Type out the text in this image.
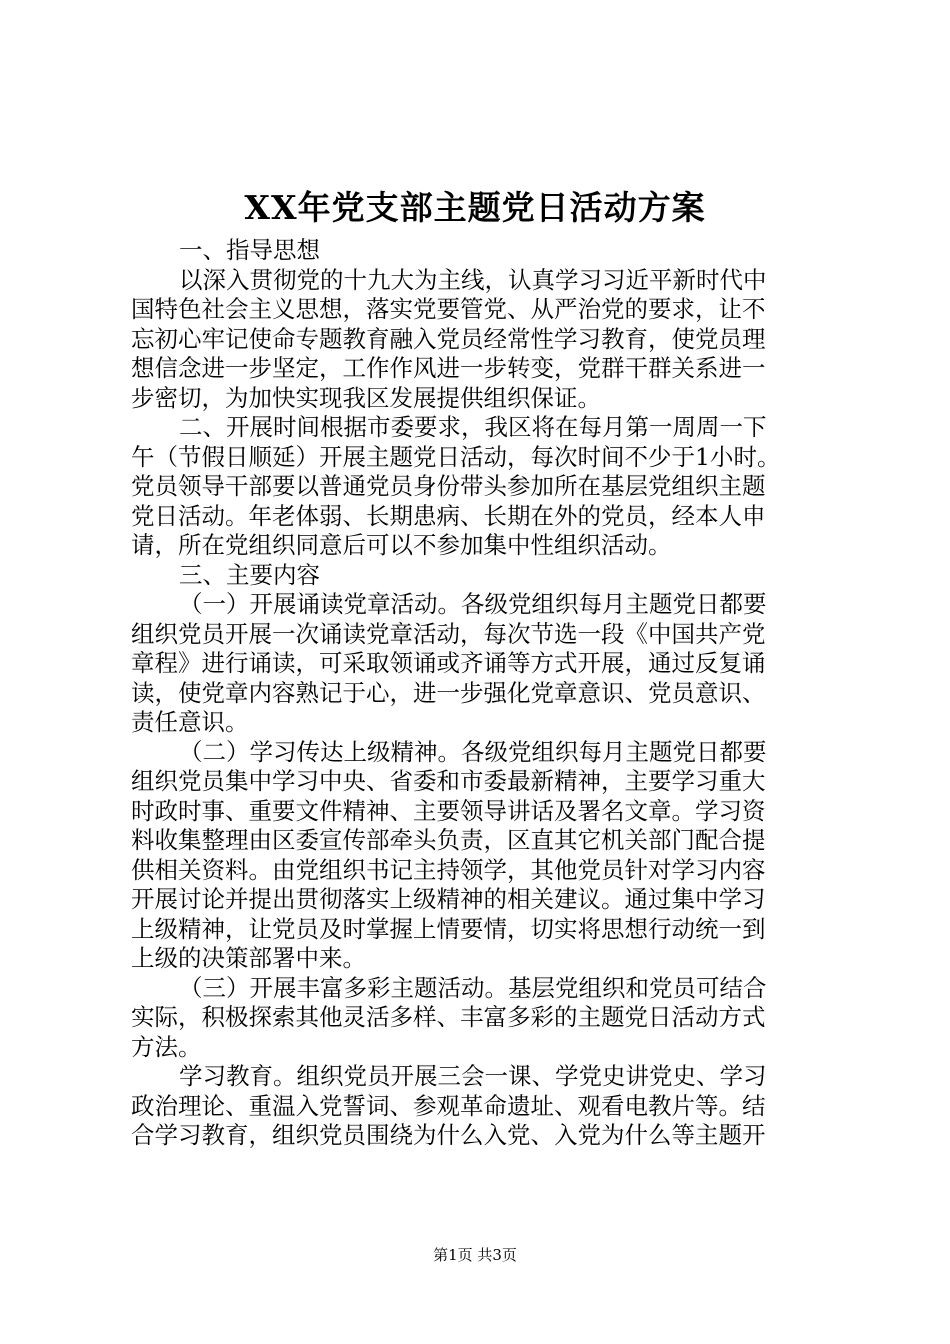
XX年党支部主题党日活动方案

一、指导思想

以深入贯彻党的十九大为主线，认真学习习近平新时代中

国特色社会主义思想，落实党要管党、从严治党的要求，让不

忘初心牢记使命专题教育融入党员经常性学习教育，使党员理

想信念进一步坚定，工作作风进一步转变，党群干群关系进一

步密切，为加快实现我区发展提供组织保证。

二、开展时间根据市委要求，我区将在每月第一周周一下

午（节假日顺延）开展主题党日活动，每次时间不少于1小时。

党员领导干部要以普通党员身份带头参加所在基层党组织主题

党日活动。年老体弱、长期患病、长期在外的党员，经本人申

请，所在党组织同意后可以不参加集中性组织活动。

三、主要内容

（一）开展诵读党章活动。各级党组织每月主题党日都要

组织党员开展一次诵读党章活动，每次节选一段《中国共产党

章程》进行诵读，可采取领诵或齐诵等方式开展，通过反复诵

读，使党章内容熟记于心，进一步强化党章意识、党员意识、

责任意识。

（二）学习传达上级精神。各级党组织每月主题党日都要

组织党员集中学习中央、省委和市委最新精神，主要学习重大

时政时事、重要文件精神、主要领导讲话及署名文章。学习资

料收集整理由区委宣传部牵头负责，区直其它机关部门配合提

供相关资料。由党组织书记主持领学，其他党员针对学习内容

开展讨论并提出贯彻落实上级精神的相关建议。通过集中学习

上级精神，让党员及时掌握上情要情，切实将思想行动统一到

上级的决策部署中来。

（三）开展丰富多彩主题活动。基层党组织和党员可结合

实际，积极探索其他灵活多样、丰富多彩的主题党日活动方式

方法。

学习教育。组织党员开展三会一课、学党史讲党史、学习

政治理论、重温入党誓词、参观革命遗址、观看电教片等。结

合学习教育，组织党员围绕为什么入党、入党为什么等主题开

第1页 共3页
